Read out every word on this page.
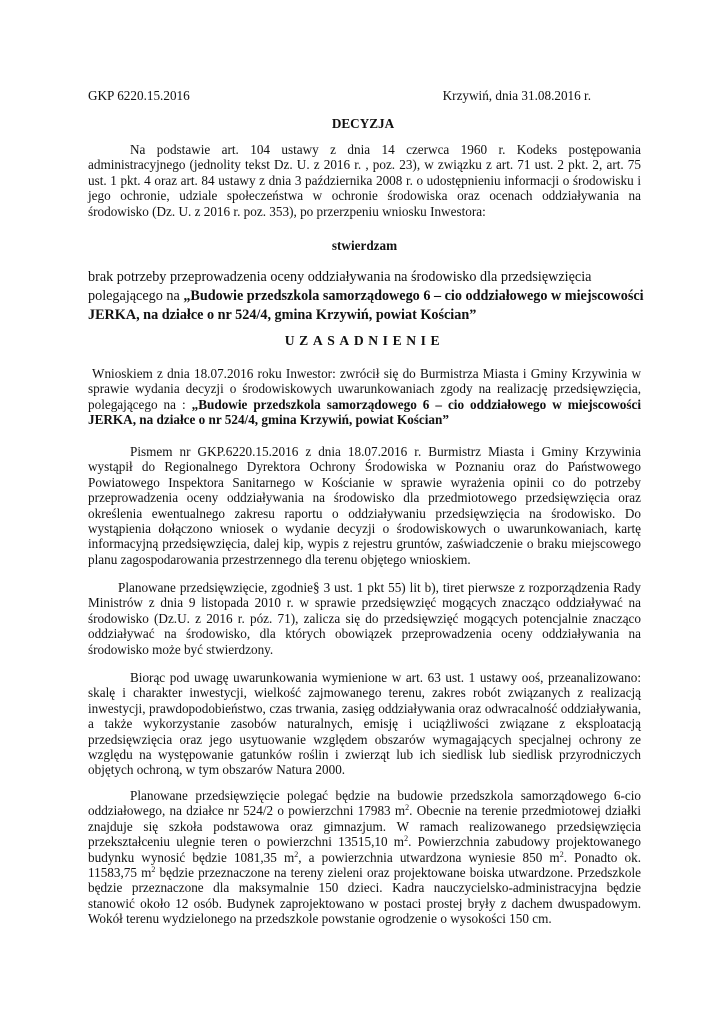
GKP 6220.15.2016	Krzywiń, dnia 31.08.2016 r.
DECYZJA

Na podstawie art. 104 ustawy z dnia 14 czerwca 1960 r. Kodeks postępowania administracyjnego (jednolity tekst Dz. U. z 2016 r. , poz. 23), w związku z art. 71 ust. 2 pkt. 2, art. 75 ust. 1 pkt. 4 oraz art. 84 ustawy z dnia 3 października 2008 r. o udostępnieniu informacji o środowisku i jego ochronie, udziale społeczeństwa w ochronie środowiska oraz ocenach oddziaływania na środowisko (Dz. U. z 2016 r. poz. 353), po przerzpeniu wniosku Inwestora:

stwierdzam
brak potrzeby przeprowadzenia oceny oddziaływania na środowisko dla przedsięwzięcia
polegającego na „Budowie przedszkola samorządowego 6 – cio oddziałowego w miejscowości JERKA, na działce o nr 524/4, gmina Krzywiń, powiat Kościan”
UZASADNIENIE

Wnioskiem z dnia 18.07.2016 roku Inwestor: zwrócił się do Burmistrza Miasta i Gminy Krzywinia w sprawie wydania decyzji o środowiskowych uwarunkowaniach zgody na realizację przedsięwzięcia, polegającego na : „Budowie przedszkola samorządowego 6 – cio oddziałowego w miejscowości JERKA, na działce o nr 524/4, gmina Krzywiń, powiat Kościan”

Pismem nr GKP.6220.15.2016 z dnia 18.07.2016 r. Burmistrz Miasta i Gminy Krzywinia wystąpił do Regionalnego Dyrektora Ochrony Środowiska w Poznaniu oraz do Państwowego Powiatowego Inspektora Sanitarnego w Kościanie w sprawie wyrażenia opinii co do potrzeby przeprowadzenia oceny oddziaływania na środowisko dla przedmiotowego przedsięwzięcia oraz określenia ewentualnego zakresu raportu o oddziaływaniu przedsięwzięcia na środowisko. Do wystąpienia dołączono wniosek o wydanie decyzji o środowiskowych o uwarunkowaniach, kartę informacyjną przedsięwzięcia, dalej kip, wypis z rejestru gruntów, zaświadczenie o braku miejscowego planu zagospodarowania przestrzennego dla terenu objętego wnioskiem.

Planowane przedsięwzięcie, zgodnie§ 3 ust. 1 pkt 55) lit b), tiret pierwsze z rozporządzenia Rady Ministrów z dnia 9 listopada 2010 r. w sprawie przedsięwzięć mogących znacząco oddziaływać na środowisko (Dz.U. z 2016 r. póz. 71), zalicza się do przedsięwzięć mogących potencjalnie znacząco oddziaływać na środowisko, dla których obowiązek przeprowadzenia oceny oddziaływania na środowisko może być stwierdzony.

Biorąc pod uwagę uwarunkowania wymienione w art. 63 ust. 1 ustawy ooś, przeanalizowano: skalę i charakter inwestycji, wielkość zajmowanego terenu, zakres robót związanych z realizacją inwestycji, prawdopodobieństwo, czas trwania, zasięg oddziaływania oraz odwracalność oddziaływania, a także wykorzystanie zasobów naturalnych, emisję i uciążliwości związane z eksploatacją przedsięwzięcia oraz jego usytuowanie względem obszarów wymagających specjalnej ochrony ze względu na występowanie gatunków roślin i zwierząt lub ich siedlisk lub siedlisk przyrodniczych objętych ochroną, w tym obszarów Natura 2000.

Planowane przedsięwzięcie polegać będzie na budowie przedszkola samorządowego 6-cio oddziałowego, na działce nr 524/2 o powierzchni 17983 $m^2$. Obecnie na terenie przedmiotowej działki znajduje się szkoła podstawowa oraz gimnazjum. W ramach realizowanego przedsięwzięcia przekształceniu ulegnie teren o powierzchni 13515,10 $m^2$. Powierzchnia zabudowy projektowanego budynku wynosić będzie 1081,35 $m^2$, a powierzchnia utwardzona wyniesie 850 $m^2$. Ponadto ok. 11583,75 $m^2$ będzie przeznaczone na tereny zieleni oraz projektowane boiska utwardzone. Przedszkole będzie przeznaczone dla maksymalnie 150 dzieci. Kadra nauczycielsko-administracyjna będzie stanowić około 12 osób. Budynek zaprojektowano w postaci prostej bryły z dachem dwuspadowym. Wokół terenu wydzielonego na przedszkole powstanie ogrodzenie o wysokości 150 cm.
